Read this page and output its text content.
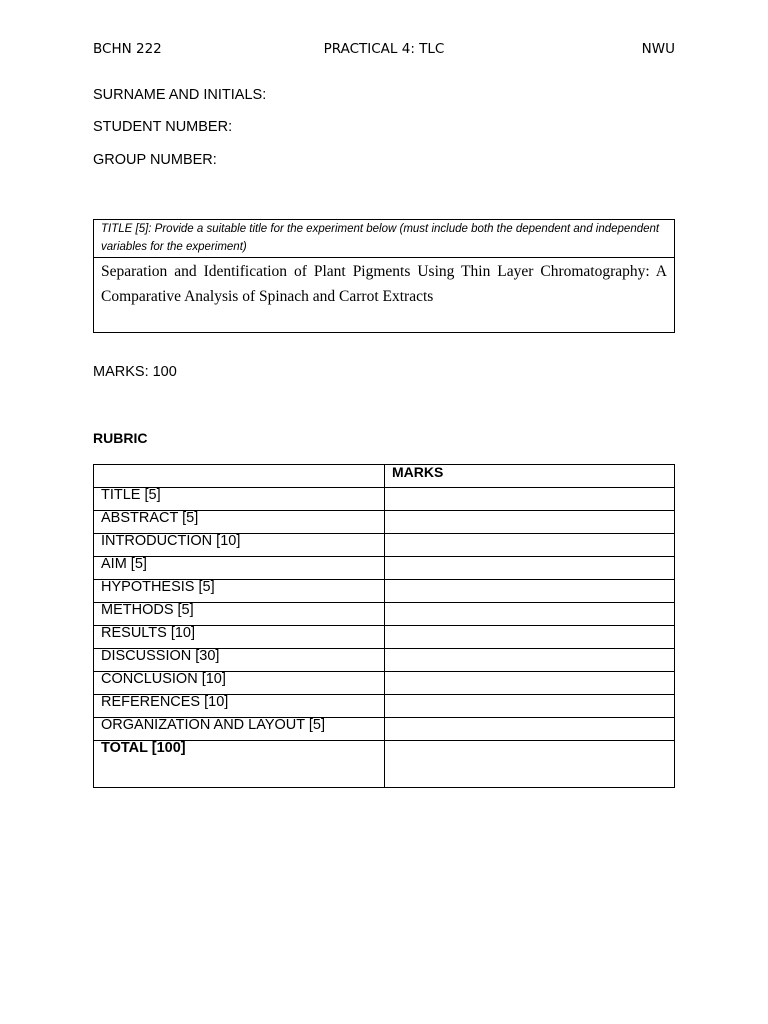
BCHN 222	PRACTICAL 4: TLC	NWU
SURNAME AND INITIALS:
STUDENT NUMBER:
GROUP NUMBER:
TITLE [5]: Provide a suitable title for the experiment below (must include both the dependent and independent variables for the experiment)
Separation and Identification of Plant Pigments Using Thin Layer Chromatography: A Comparative Analysis of Spinach and Carrot Extracts
MARKS: 100
RUBRIC
	MARKS
TITLE [5]	
ABSTRACT [5]	
INTRODUCTION [10]	
AIM [5]	
HYPOTHESIS [5]	
METHODS [5]	
RESULTS [10]	
DISCUSSION [30]	
CONCLUSION [10]	
REFERENCES [10]	
ORGANIZATION AND LAYOUT [5]	
TOTAL [100]	
